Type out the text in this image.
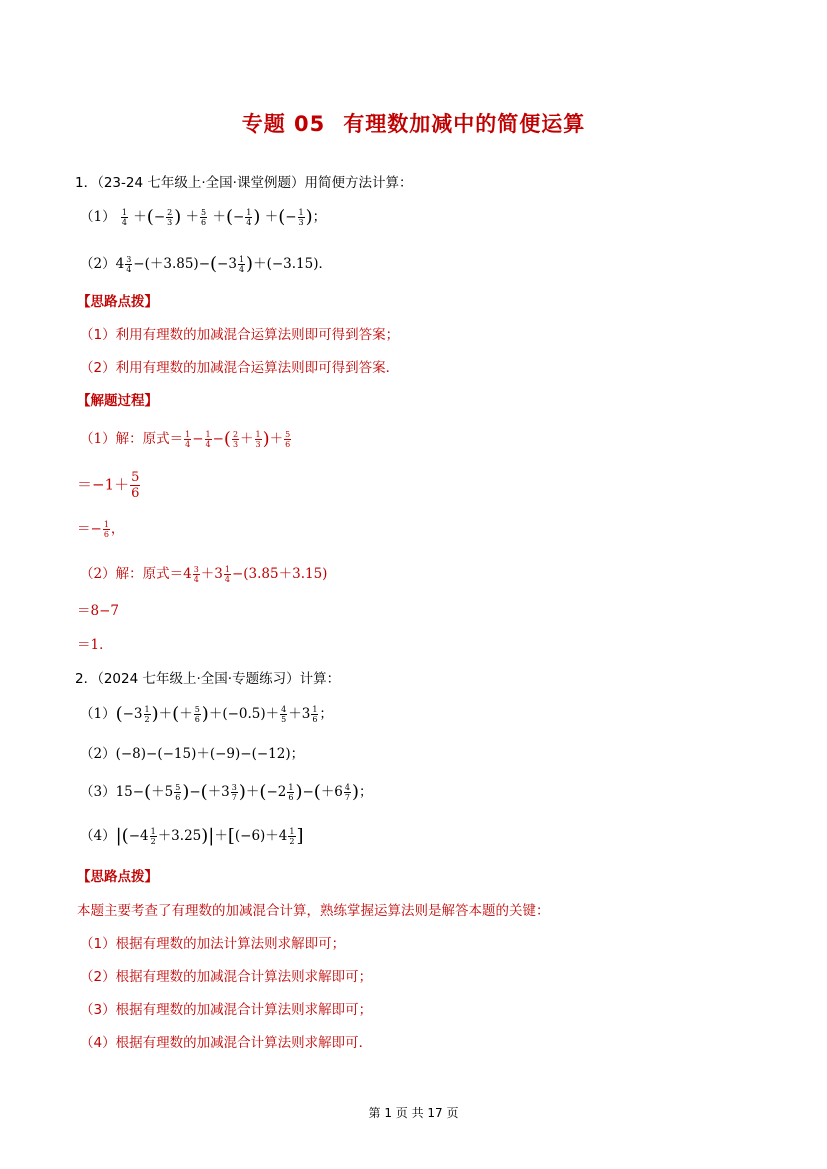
专题 05 有理数加减中的简便运算
1．（23-24 七年级上·全国·课堂例题）用简便方法计算：
$(1) \frac{1}{4}$ ＋(− $\frac{2}{3}$ ) ＋ $\frac{5}{6}$ ＋(− $\frac{1}{4}$ ) ＋(− $\frac{1}{3}$ )；
$(2)4 \frac{3}{4} -(+3.85)-(-3 \frac{1}{4} )+(-3.15)$．
【思路点拨】
（1）利用有理数的加减混合运算法则即可得到答案；
（2）利用有理数的加减混合运算法则即可得到答案．
【解题过程】
（1）解：原式＝ $\frac{1}{4} - \frac{1}{4}$ −( $\frac{2}{3} + \frac{1}{3}$ )＋ $\frac{5}{6}$
$=-1+ \frac{5}{6}$
＝− $\frac{1}{6}$ ，
（2）解：原式$=4 \frac{3}{4} +3 \frac{1}{4} -(3.85+3.15)$
＝8−7
＝1．
2．（2024 七年级上·全国·专题练习）计算：
$(1)(-3 \frac{1}{2}$ )＋(＋ $\frac{5}{6} )+(-0.5)+ \frac{4}{5} +3 \frac{1}{6}$ ；
（2）(−8)−(−15)＋(−9)−(−12)；
$(3)15-(+5 \frac{5}{6} )-(+3 \frac{3}{7} )+(-2 \frac{1}{6} )-(+6 \frac{4}{7}$ )；
$(4)|(-4 \frac{1}{2} +3.25)|+[(-6)+4 \frac{1}{2}$ ]
【思路点拨】
本题主要考查了有理数的加减混合计算，熟练掌握运算法则是解答本题的关键：
（1）根据有理数的加法计算法则求解即可；
（2）根据有理数的加减混合计算法则求解即可；
（3）根据有理数的加减混合计算法则求解即可；
（4）根据有理数的加减混合计算法则求解即可．
第 1 页 共 17 页
